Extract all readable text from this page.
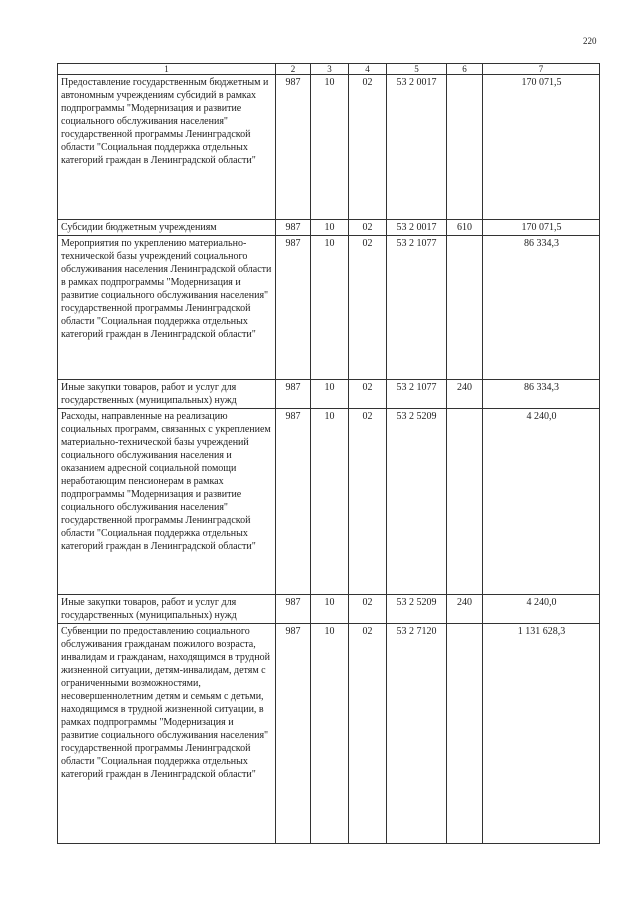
220
1	2	3	4	5	6	7
Предоставление государственным бюджетным и автономным учреждениям субсидий в рамках подпрограммы "Модернизация и развитие социального обслуживания населения" государственной программы Ленинградской области "Социальная поддержка отдельных категорий граждан в Ленинградской области"	987	10	02	53 2 0017		170 071,5
Субсидии бюджетным учреждениям	987	10	02	53 2 0017	610	170 071,5
Мероприятия по укреплению материально-технической базы учреждений социального обслуживания населения Ленинградской области в рамках подпрограммы "Модернизация и развитие социального обслуживания населения" государственной программы Ленинградской области "Социальная поддержка отдельных категорий граждан в Ленинградской области"	987	10	02	53 2 1077		86 334,3
Иные закупки товаров, работ и услуг для государственных (муниципальных) нужд	987	10	02	53 2 1077	240	86 334,3
Расходы, направленные на реализацию социальных программ, связанных с укреплением материально-технической базы учреждений социального обслуживания населения и оказанием адресной социальной помощи неработающим пенсионерам в рамках подпрограммы "Модернизация и развитие социального обслуживания населения" государственной программы Ленинградской области "Социальная поддержка отдельных категорий граждан в Ленинградской области"	987	10	02	53 2 5209		4 240,0
Иные закупки товаров, работ и услуг для государственных (муниципальных) нужд	987	10	02	53 2 5209	240	4 240,0
Субвенции по предоставлению социального обслуживания гражданам пожилого возраста, инвалидам и гражданам, находящимся в трудной жизненной ситуации, детям-инвалидам, детям с ограниченными возможностями, несовершеннолетним детям и семьям с детьми, находящимся в трудной жизненной ситуации, в рамках подпрограммы "Модернизация и развитие социального обслуживания населения" государственной программы Ленинградской области "Социальная поддержка отдельных категорий граждан в Ленинградской области"	987	10	02	53 2 7120		1 131 628,3
